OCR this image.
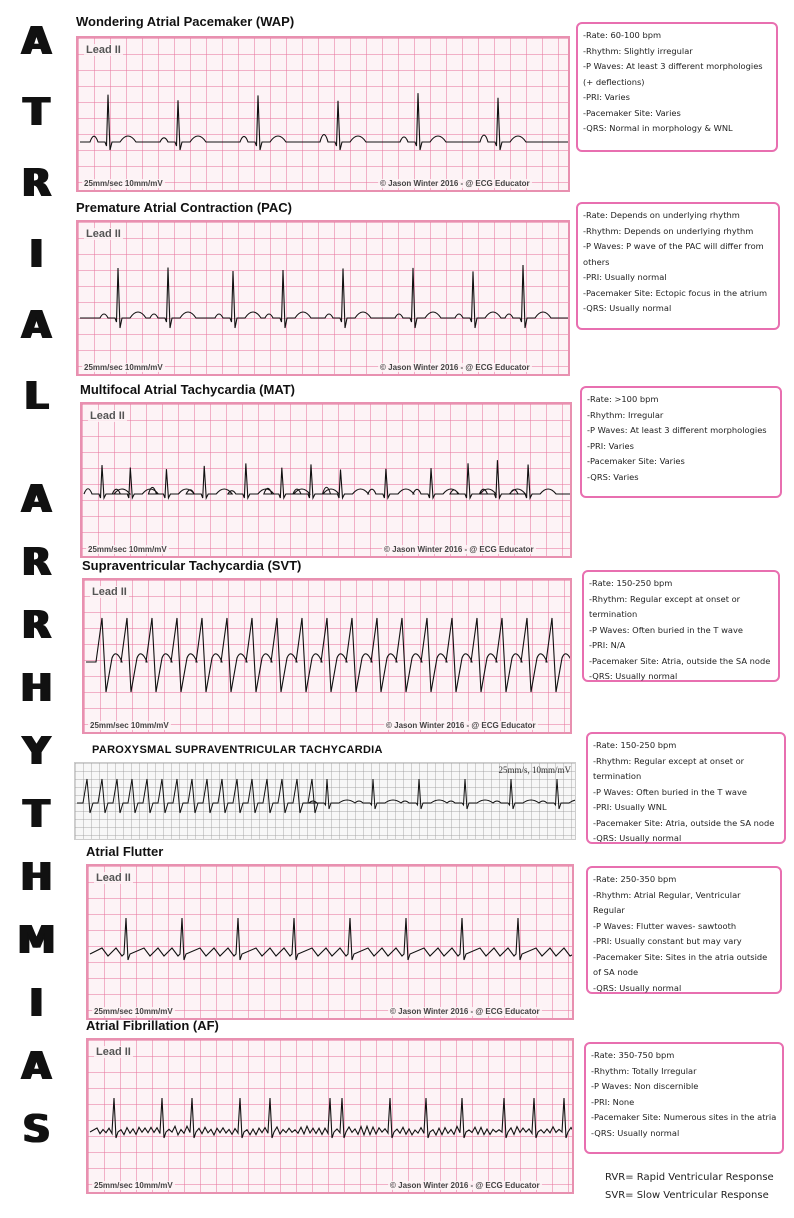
A
T
R
I
A
L
A
R
R
H
Y
T
H
M
I
A
S
Wondering Atrial Pacemaker (WAP)
Lead II
25mm/sec 10mm/mV	© Jason Winter 2016 - @ ECG Educator
-Rate: 60-100 bpm
-Rhythm: Slightly irregular
-P Waves: At least 3 different morphologies (+ deflections)
-PRI: Varies
-Pacemaker Site: Varies
-QRS: Normal in morphology & WNL
Premature Atrial Contraction (PAC)
Lead II
25mm/sec 10mm/mV	© Jason Winter 2016 - @ ECG Educator
-Rate: Depends on underlying rhythm
-Rhythm: Depends on underlying rhythm
-P Waves: P wave of the PAC will differ from others
-PRI: Usually normal
-Pacemaker Site: Ectopic focus in the atrium
-QRS: Usually normal
Multifocal Atrial Tachycardia (MAT)
Lead II
25mm/sec 10mm/mV	© Jason Winter 2016 - @ ECG Educator
-Rate: >100 bpm
-Rhythm: Irregular
-P Waves: At least 3 different morphologies
-PRI: Varies
-Pacemaker Site: Varies
-QRS: Varies
Supraventricular Tachycardia (SVT)
Lead II
25mm/sec 10mm/mV	© Jason Winter 2016 - @ ECG Educator
-Rate: 150-250 bpm
-Rhythm: Regular except at onset or termination
-P Waves: Often buried in the T wave
-PRI: N/A
-Pacemaker Site: Atria, outside the SA node
-QRS: Usually normal
PAROXYSMAL SUPRAVENTRICULAR TACHYCARDIA
25mm/s, 10mm/mV
-Rate: 150-250 bpm
-Rhythm: Regular except at onset or termination
-P Waves: Often buried in the T wave
-PRI: Usually WNL
-Pacemaker Site: Atria, outside the SA node
-QRS: Usually normal
Atrial Flutter
Lead II
25mm/sec 10mm/mV	© Jason Winter 2016 - @ ECG Educator
-Rate: 250-350 bpm
-Rhythm: Atrial Regular, Ventricular Regular
-P Waves: Flutter waves- sawtooth
-PRI: Usually constant but may vary
-Pacemaker Site: Sites in the atria outside of SA node
-QRS: Usually normal
Atrial Fibrillation (AF)
Lead II
25mm/sec 10mm/mV	© Jason Winter 2016 - @ ECG Educator
-Rate: 350-750 bpm
-Rhythm: Totally Irregular
-P Waves: Non discernible
-PRI: None
-Pacemaker Site: Numerous sites in the atria
-QRS: Usually normal
RVR= Rapid Ventricular Response
SVR= Slow Ventricular Response
